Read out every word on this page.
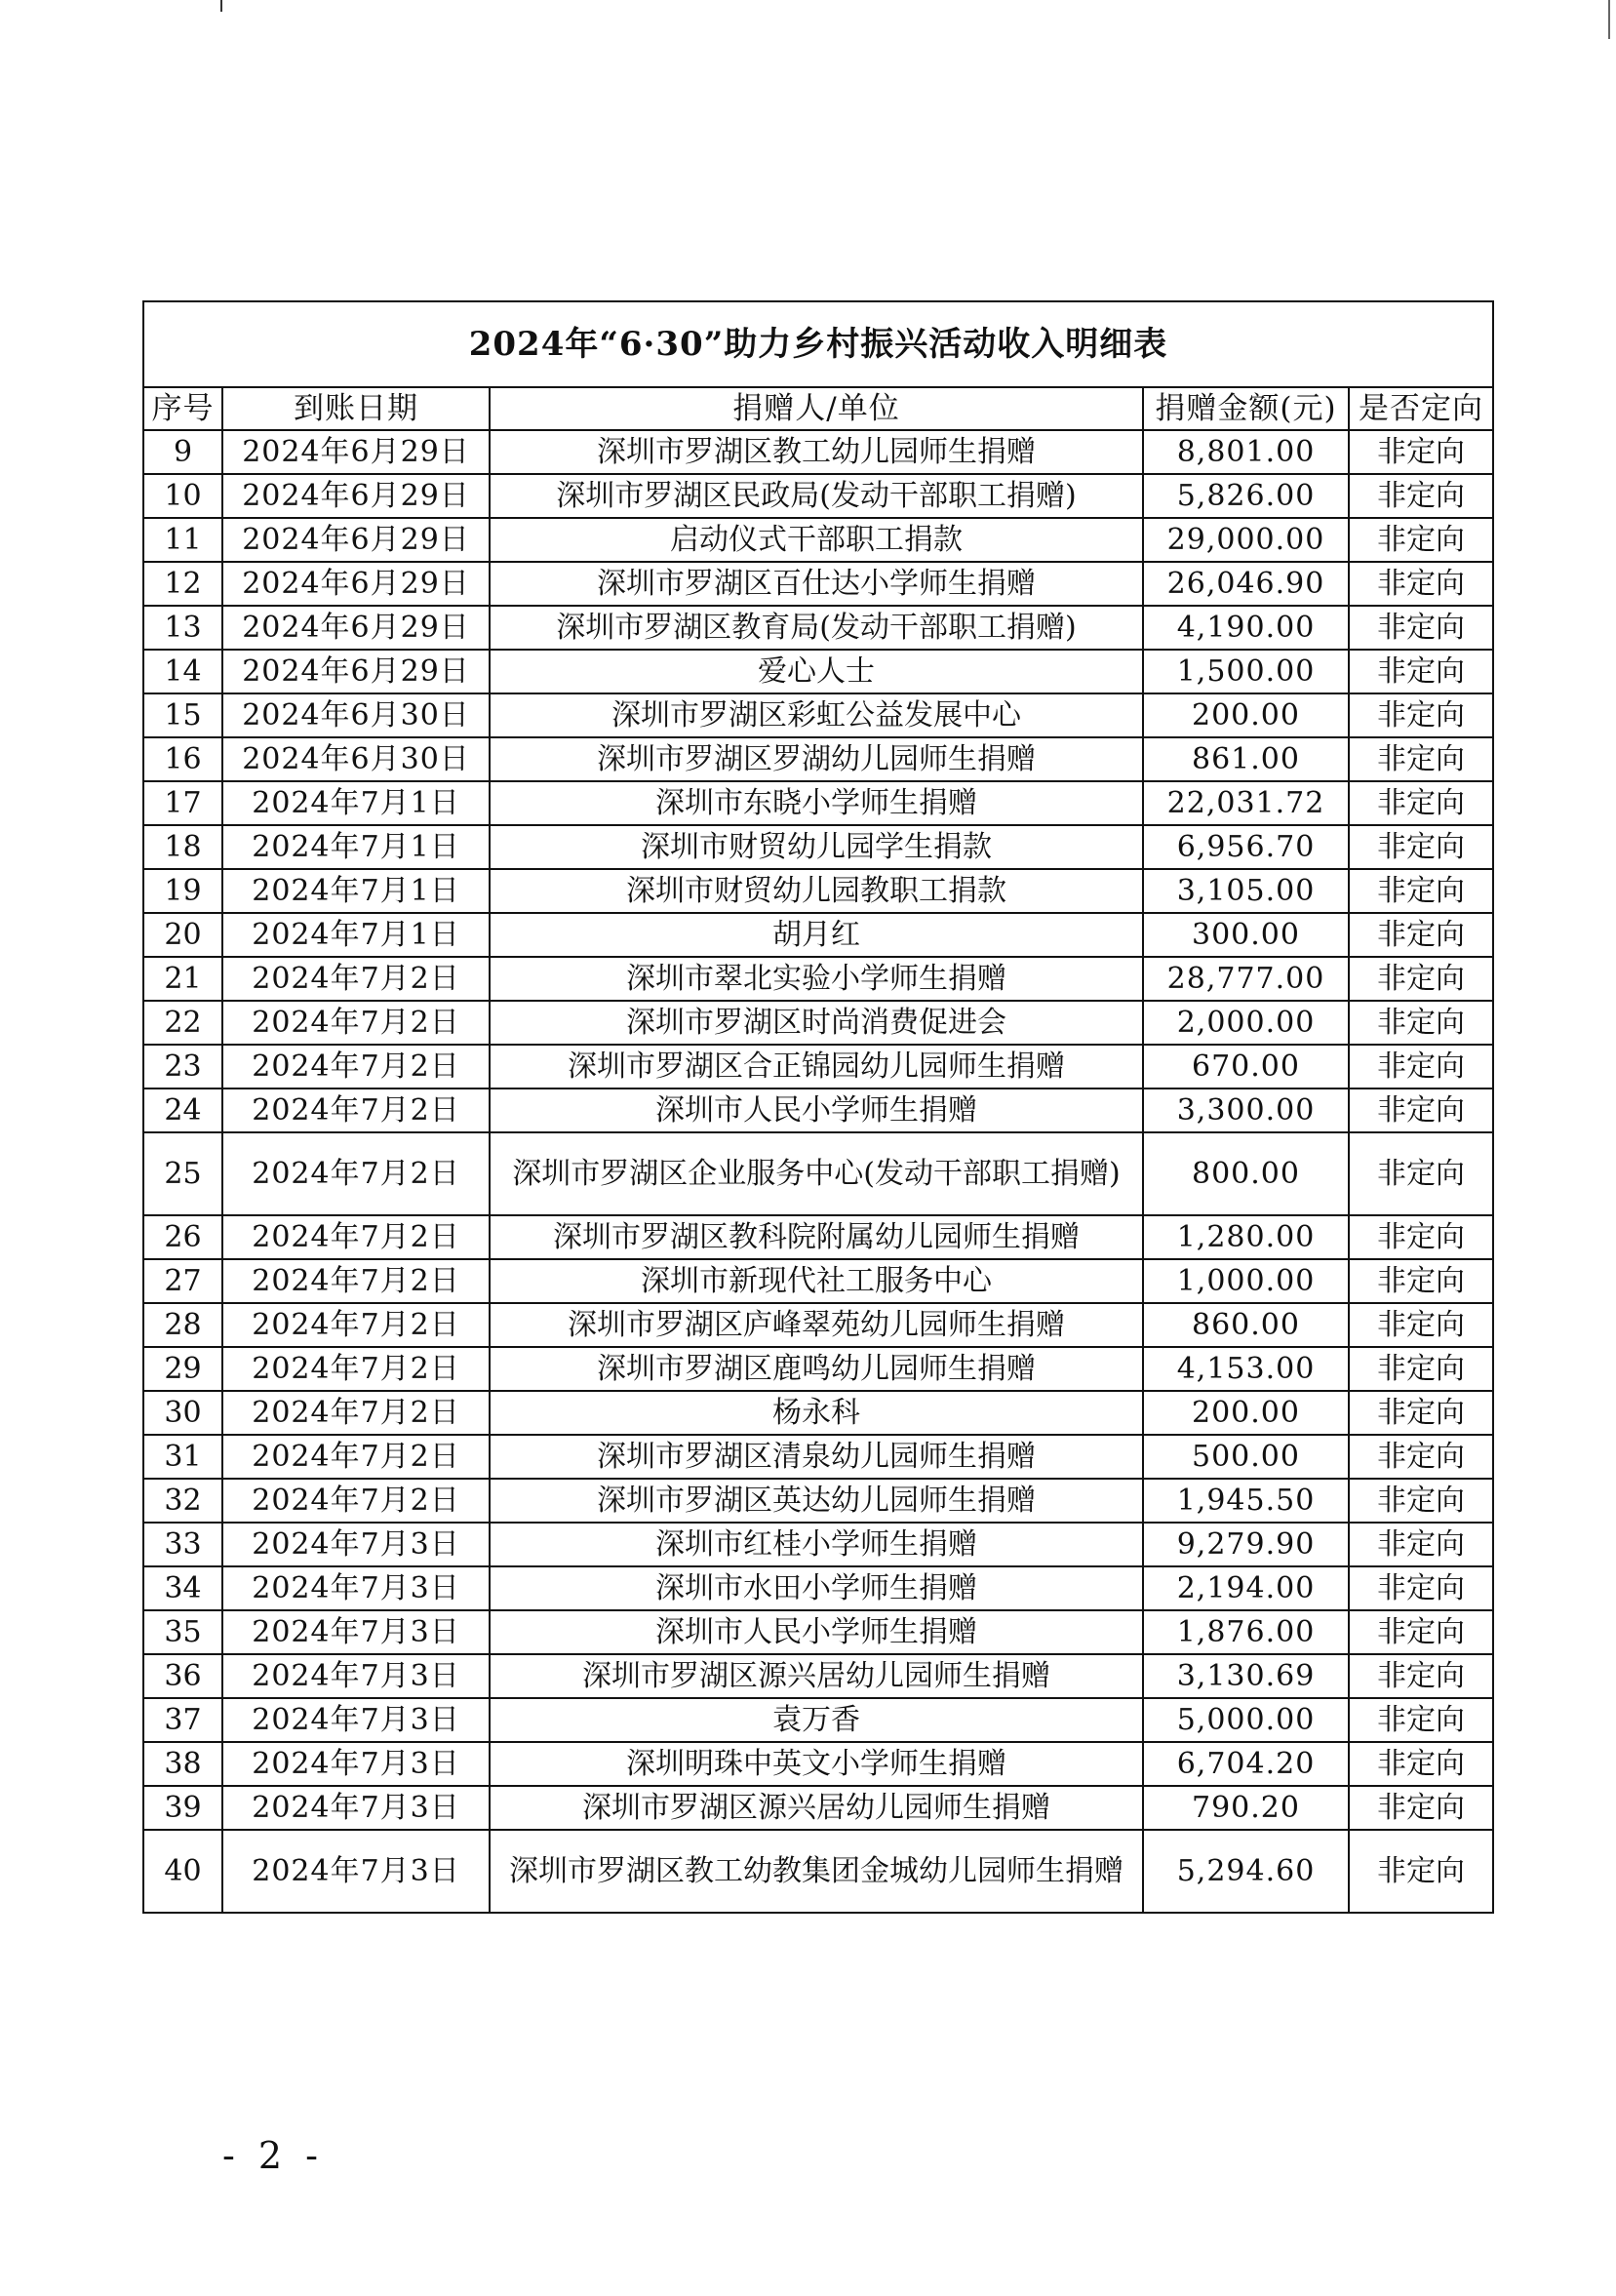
2024年“6·30”助力乡村振兴活动收入明细表				
序号	到账日期	捐赠人/单位	捐赠金额(元)	是否定向
9	2024年6月29日	深圳市罗湖区教工幼儿园师生捐赠	8,801.00	非定向
10	2024年6月29日	深圳市罗湖区民政局(发动干部职工捐赠)	5,826.00	非定向
11	2024年6月29日	启动仪式干部职工捐款	29,000.00	非定向
12	2024年6月29日	深圳市罗湖区百仕达小学师生捐赠	26,046.90	非定向
13	2024年6月29日	深圳市罗湖区教育局(发动干部职工捐赠)	4,190.00	非定向
14	2024年6月29日	爱心人士	1,500.00	非定向
15	2024年6月30日	深圳市罗湖区彩虹公益发展中心	200.00	非定向
16	2024年6月30日	深圳市罗湖区罗湖幼儿园师生捐赠	861.00	非定向
17	2024年7月1日	深圳市东晓小学师生捐赠	22,031.72	非定向
18	2024年7月1日	深圳市财贸幼儿园学生捐款	6,956.70	非定向
19	2024年7月1日	深圳市财贸幼儿园教职工捐款	3,105.00	非定向
20	2024年7月1日	胡月红	300.00	非定向
21	2024年7月2日	深圳市翠北实验小学师生捐赠	28,777.00	非定向
22	2024年7月2日	深圳市罗湖区时尚消费促进会	2,000.00	非定向
23	2024年7月2日	深圳市罗湖区合正锦园幼儿园师生捐赠	670.00	非定向
24	2024年7月2日	深圳市人民小学师生捐赠	3,300.00	非定向
25	2024年7月2日	深圳市罗湖区企业服务中心(发动干部职工捐赠)	800.00	非定向
26	2024年7月2日	深圳市罗湖区教科院附属幼儿园师生捐赠	1,280.00	非定向
27	2024年7月2日	深圳市新现代社工服务中心	1,000.00	非定向
28	2024年7月2日	深圳市罗湖区庐峰翠苑幼儿园师生捐赠	860.00	非定向
29	2024年7月2日	深圳市罗湖区鹿鸣幼儿园师生捐赠	4,153.00	非定向
30	2024年7月2日	杨永科	200.00	非定向
31	2024年7月2日	深圳市罗湖区清泉幼儿园师生捐赠	500.00	非定向
32	2024年7月2日	深圳市罗湖区英达幼儿园师生捐赠	1,945.50	非定向
33	2024年7月3日	深圳市红桂小学师生捐赠	9,279.90	非定向
34	2024年7月3日	深圳市水田小学师生捐赠	2,194.00	非定向
35	2024年7月3日	深圳市人民小学师生捐赠	1,876.00	非定向
36	2024年7月3日	深圳市罗湖区源兴居幼儿园师生捐赠	3,130.69	非定向
37	2024年7月3日	袁万香	5,000.00	非定向
38	2024年7月3日	深圳明珠中英文小学师生捐赠	6,704.20	非定向
39	2024年7月3日	深圳市罗湖区源兴居幼儿园师生捐赠	790.20	非定向
40	2024年7月3日	深圳市罗湖区教工幼教集团金城幼儿园师生捐赠	5,294.60	非定向
- 2 -
